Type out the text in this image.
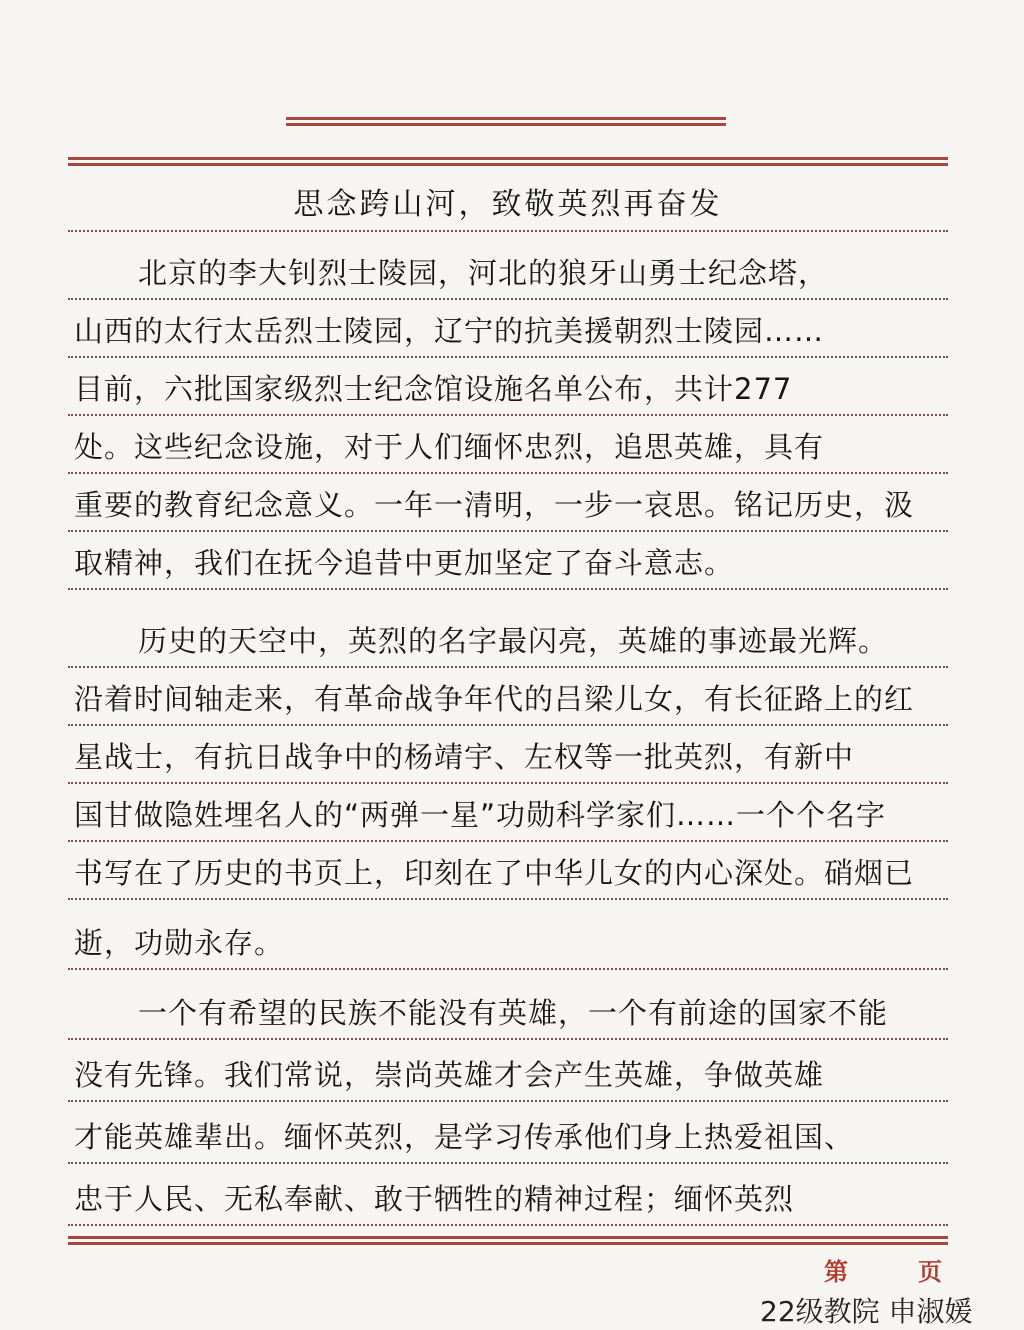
思念跨山河，致敬英烈再奋发
北京的李大钊烈士陵园，河北的狼牙山勇士纪念塔，
山西的太行太岳烈士陵园，辽宁的抗美援朝烈士陵园……
目前，六批国家级烈士纪念馆设施名单公布，共计277
处。这些纪念设施，对于人们缅怀忠烈，追思英雄，具有
重要的教育纪念意义。一年一清明，一步一哀思。铭记历史，汲
取精神，我们在抚今追昔中更加坚定了奋斗意志。
历史的天空中，英烈的名字最闪亮，英雄的事迹最光辉。
沿着时间轴走来，有革命战争年代的吕梁儿女，有长征路上的红
星战士，有抗日战争中的杨靖宇、左权等一批英烈，有新中
国甘做隐姓埋名人的“两弹一星”功勋科学家们……一个个名字
书写在了历史的书页上，印刻在了中华儿女的内心深处。硝烟已
逝，功勋永存。
一个有希望的民族不能没有英雄，一个有前途的国家不能
没有先锋。我们常说，崇尚英雄才会产生英雄，争做英雄
才能英雄辈出。缅怀英烈，是学习传承他们身上热爱祖国、
忠于人民、无私奉献、敢于牺牲的精神过程；缅怀英烈
第	页
22级教院 申淑媛
